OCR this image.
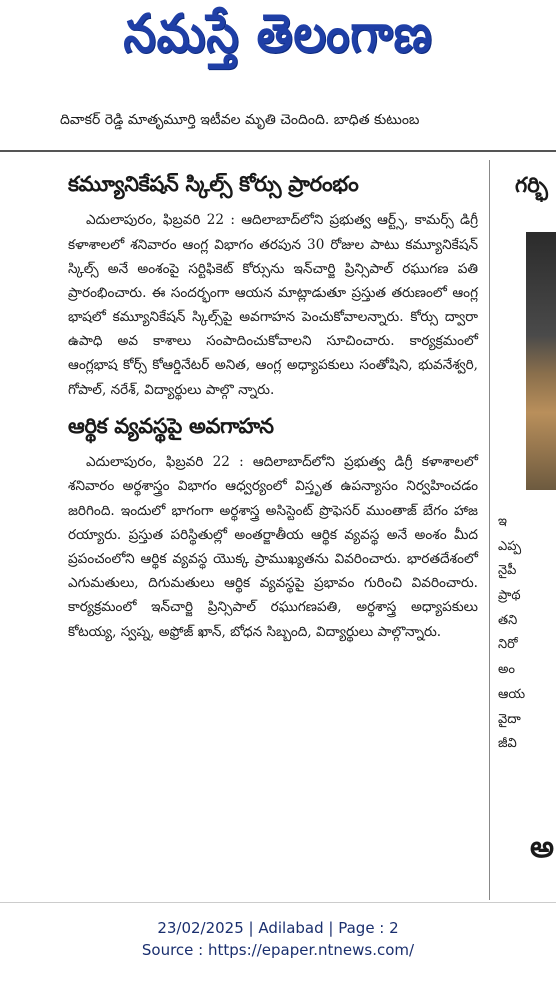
నమస్తే తెలంగాణ
దివాకర్ రెడ్డి మాతృమూర్తి ఇటీవల మృతి చెందింది. బాధిత కుటుంబ
కమ్యూనికేషన్ స్కిల్స్ కోర్సు ప్రారంభం

ఎదులాపురం, ఫిబ్రవరి 22 : ఆదిలాబాద్‌లోని ప్రభుత్వ ఆర్ట్స్, కామర్స్ డిగ్రీ కళాశాలలో శనివారం ఆంగ్ల విభాగం తరపున 30 రోజుల పాటు కమ్యూనికేషన్ స్కిల్స్ అనే అంశంపై సర్టిఫికెట్ కోర్సును ఇన్‌చార్జి ప్రిన్సిపాల్ రఘుగణ పతి ప్రారంభించారు. ఈ సందర్భంగా ఆయన మాట్లాడుతూ ప్రస్తుత తరుణంలో ఆంగ్ల భాషలో కమ్యూనికేషన్ స్కిల్స్‌పై అవగాహన పెంచుకోవాలన్నారు. కోర్సు ద్వారా ఉపాధి అవ కాశాలు సంపాదించుకోవాలని సూచించారు. కార్యక్రమంలో ఆంగ్లభాష కోర్స్ కోఆర్డినేటర్ అనిత, ఆంగ్ల అధ్యాపకులు సంతోషిని, భువనేశ్వరి, గోపాల్, నరేశ్, విద్యార్థులు పాల్గొ న్నారు.

ఆర్థిక వ్యవస్థపై అవగాహన

ఎదులాపురం, ఫిబ్రవరి 22 : ఆదిలాబాద్‌లోని ప్రభుత్వ డిగ్రీ కళాశాలలో శనివారం అర్థశాస్త్రం విభాగం ఆధ్వర్యంలో విస్తృత ఉపన్యాసం నిర్వహించడం జరిగింది. ఇందులో భాగంగా అర్థశాస్త్ర అసిస్టెంట్ ప్రొఫెసర్ ముంతాజ్ బేగం హాజ రయ్యారు. ప్రస్తుత పరిస్థితుల్లో అంతర్జాతీయ ఆర్థిక వ్యవస్థ అనే అంశం మీద ప్రపంచంలోని ఆర్థిక వ్యవస్థ యొక్క ప్రాముఖ్యతను వివరించారు. భారతదేశంలో ఎగుమతులు, దిగుమతులు ఆర్థిక వ్యవస్థపై ప్రభావం గురించి వివరించారు. కార్యక్రమంలో ఇన్‌చార్జి ప్రిన్సిపాల్ రఘుగణపతి, అర్థశాస్త్ర అధ్యాపకులు కోటయ్య, స్వప్న, అఫ్రోజ్ ఖాన్, బోధన సిబ్బంది, విద్యార్థులు పాల్గొన్నారు.

గర్భి
ఇ
ఎప్ప
నైపీ
ప్రాథ
తని
నిరో
అం
ఆయ
వైదా
జీవి
అ
23/02/2025 | Adilabad | Page : 2
Source : https://epaper.ntnews.com/
